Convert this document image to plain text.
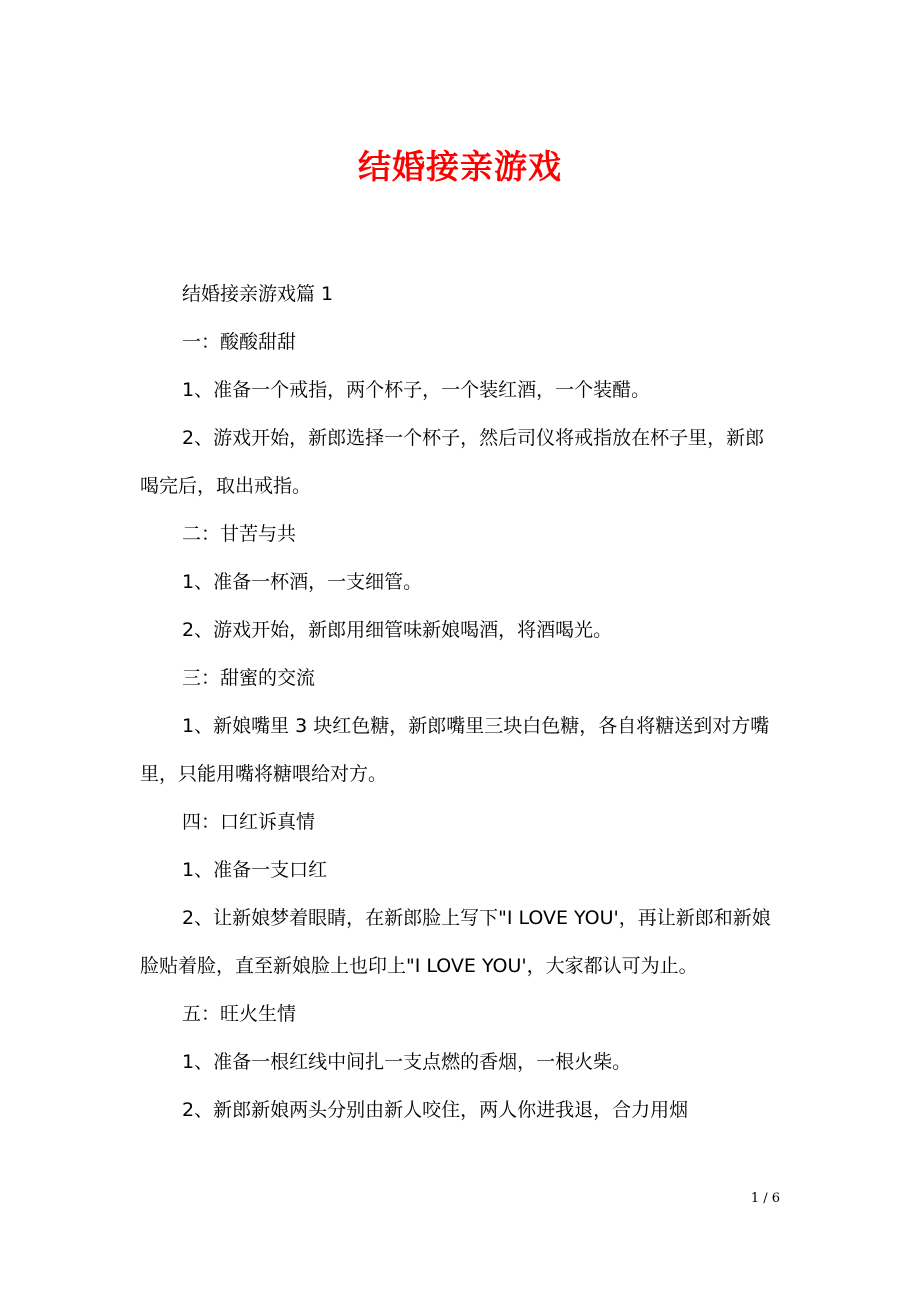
结婚接亲游戏

结婚接亲游戏篇 1

一：酸酸甜甜

1、准备一个戒指，两个杯子，一个装红酒，一个装醋。

2、游戏开始，新郎选择一个杯子，然后司仪将戒指放在杯子里，新郎喝完后，取出戒指。

二：甘苦与共

1、准备一杯酒，一支细管。

2、游戏开始，新郎用细管味新娘喝酒，将酒喝光。

三：甜蜜的交流

1、新娘嘴里 3 块红色糖，新郎嘴里三块白色糖，各自将糖送到对方嘴里，只能用嘴将糖喂给对方。

四：口红诉真情

1、准备一支口红

2、让新娘梦着眼睛，在新郎脸上写下"I LOVE YOU'，再让新郎和新娘脸贴着脸，直至新娘脸上也印上"I LOVE YOU'，大家都认可为止。

五：旺火生情

1、准备一根红线中间扎一支点燃的香烟，一根火柴。

2、新郎新娘两头分别由新人咬住，两人你进我退，合力用烟

1 / 6
